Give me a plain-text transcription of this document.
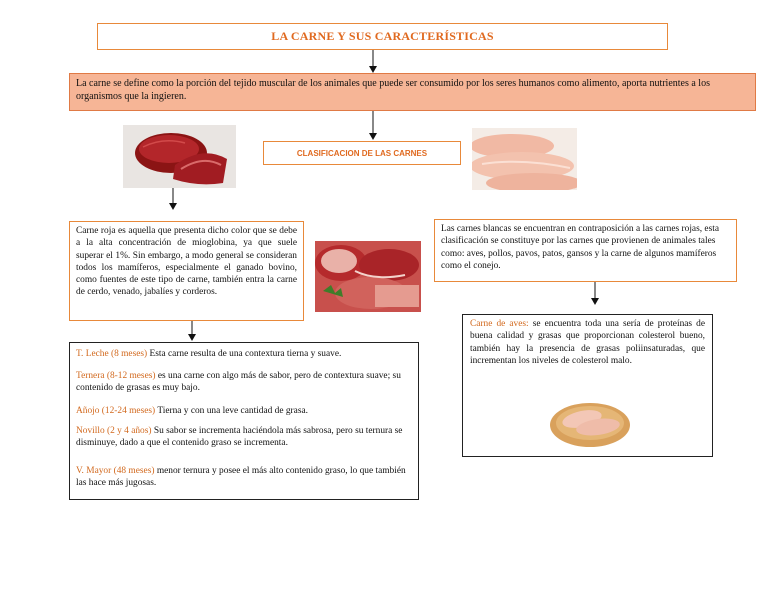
LA CARNE Y SUS CARACTERÍSTICAS
La carne se define como la porción del tejido muscular de los animales que puede ser consumido por los seres humanos como alimento, aporta nutrientes a los organismos que la ingieren.
CLASIFICACION DE LAS CARNES
Carne roja es aquella que presenta dicho color que se debe a la alta concentración de mioglobina, ya que suele superar el 1%. Sin embargo, a modo general se consideran todos los mamíferos, especialmente el ganado bovino, como fuentes de este tipo de carne, también entra la carne de cerdo, venado, jabalíes y corderos.
Las carnes blancas se encuentran en contraposición a las carnes rojas, esta clasificación se constituye por las carnes que provienen de animales tales como: aves, pollos, pavos, patos, gansos y la carne de algunos mamíferos como el conejo.

T. Leche (8 meses) Esta carne resulta de una contextura tierna y suave.

Ternera (8-12 meses) es una carne con algo más de sabor, pero de contextura suave; su contenido de grasas es muy bajo.

Añojo (12-24 meses) Tierna y con una leve cantidad de grasa.

Novillo (2 y 4 años) Su sabor se incrementa haciéndola más sabrosa, pero su ternura se disminuye, dado a que el contenido graso se incrementa.

V. Mayor (48 meses) menor ternura y posee el más alto contenido graso, lo que también las hace más jugosas.

Carne de aves: se encuentra toda una sería de proteínas de buena calidad y grasas que proporcionan colesterol bueno, también hay la presencia de grasas poliinsaturadas, que incrementan los niveles de colesterol malo.
